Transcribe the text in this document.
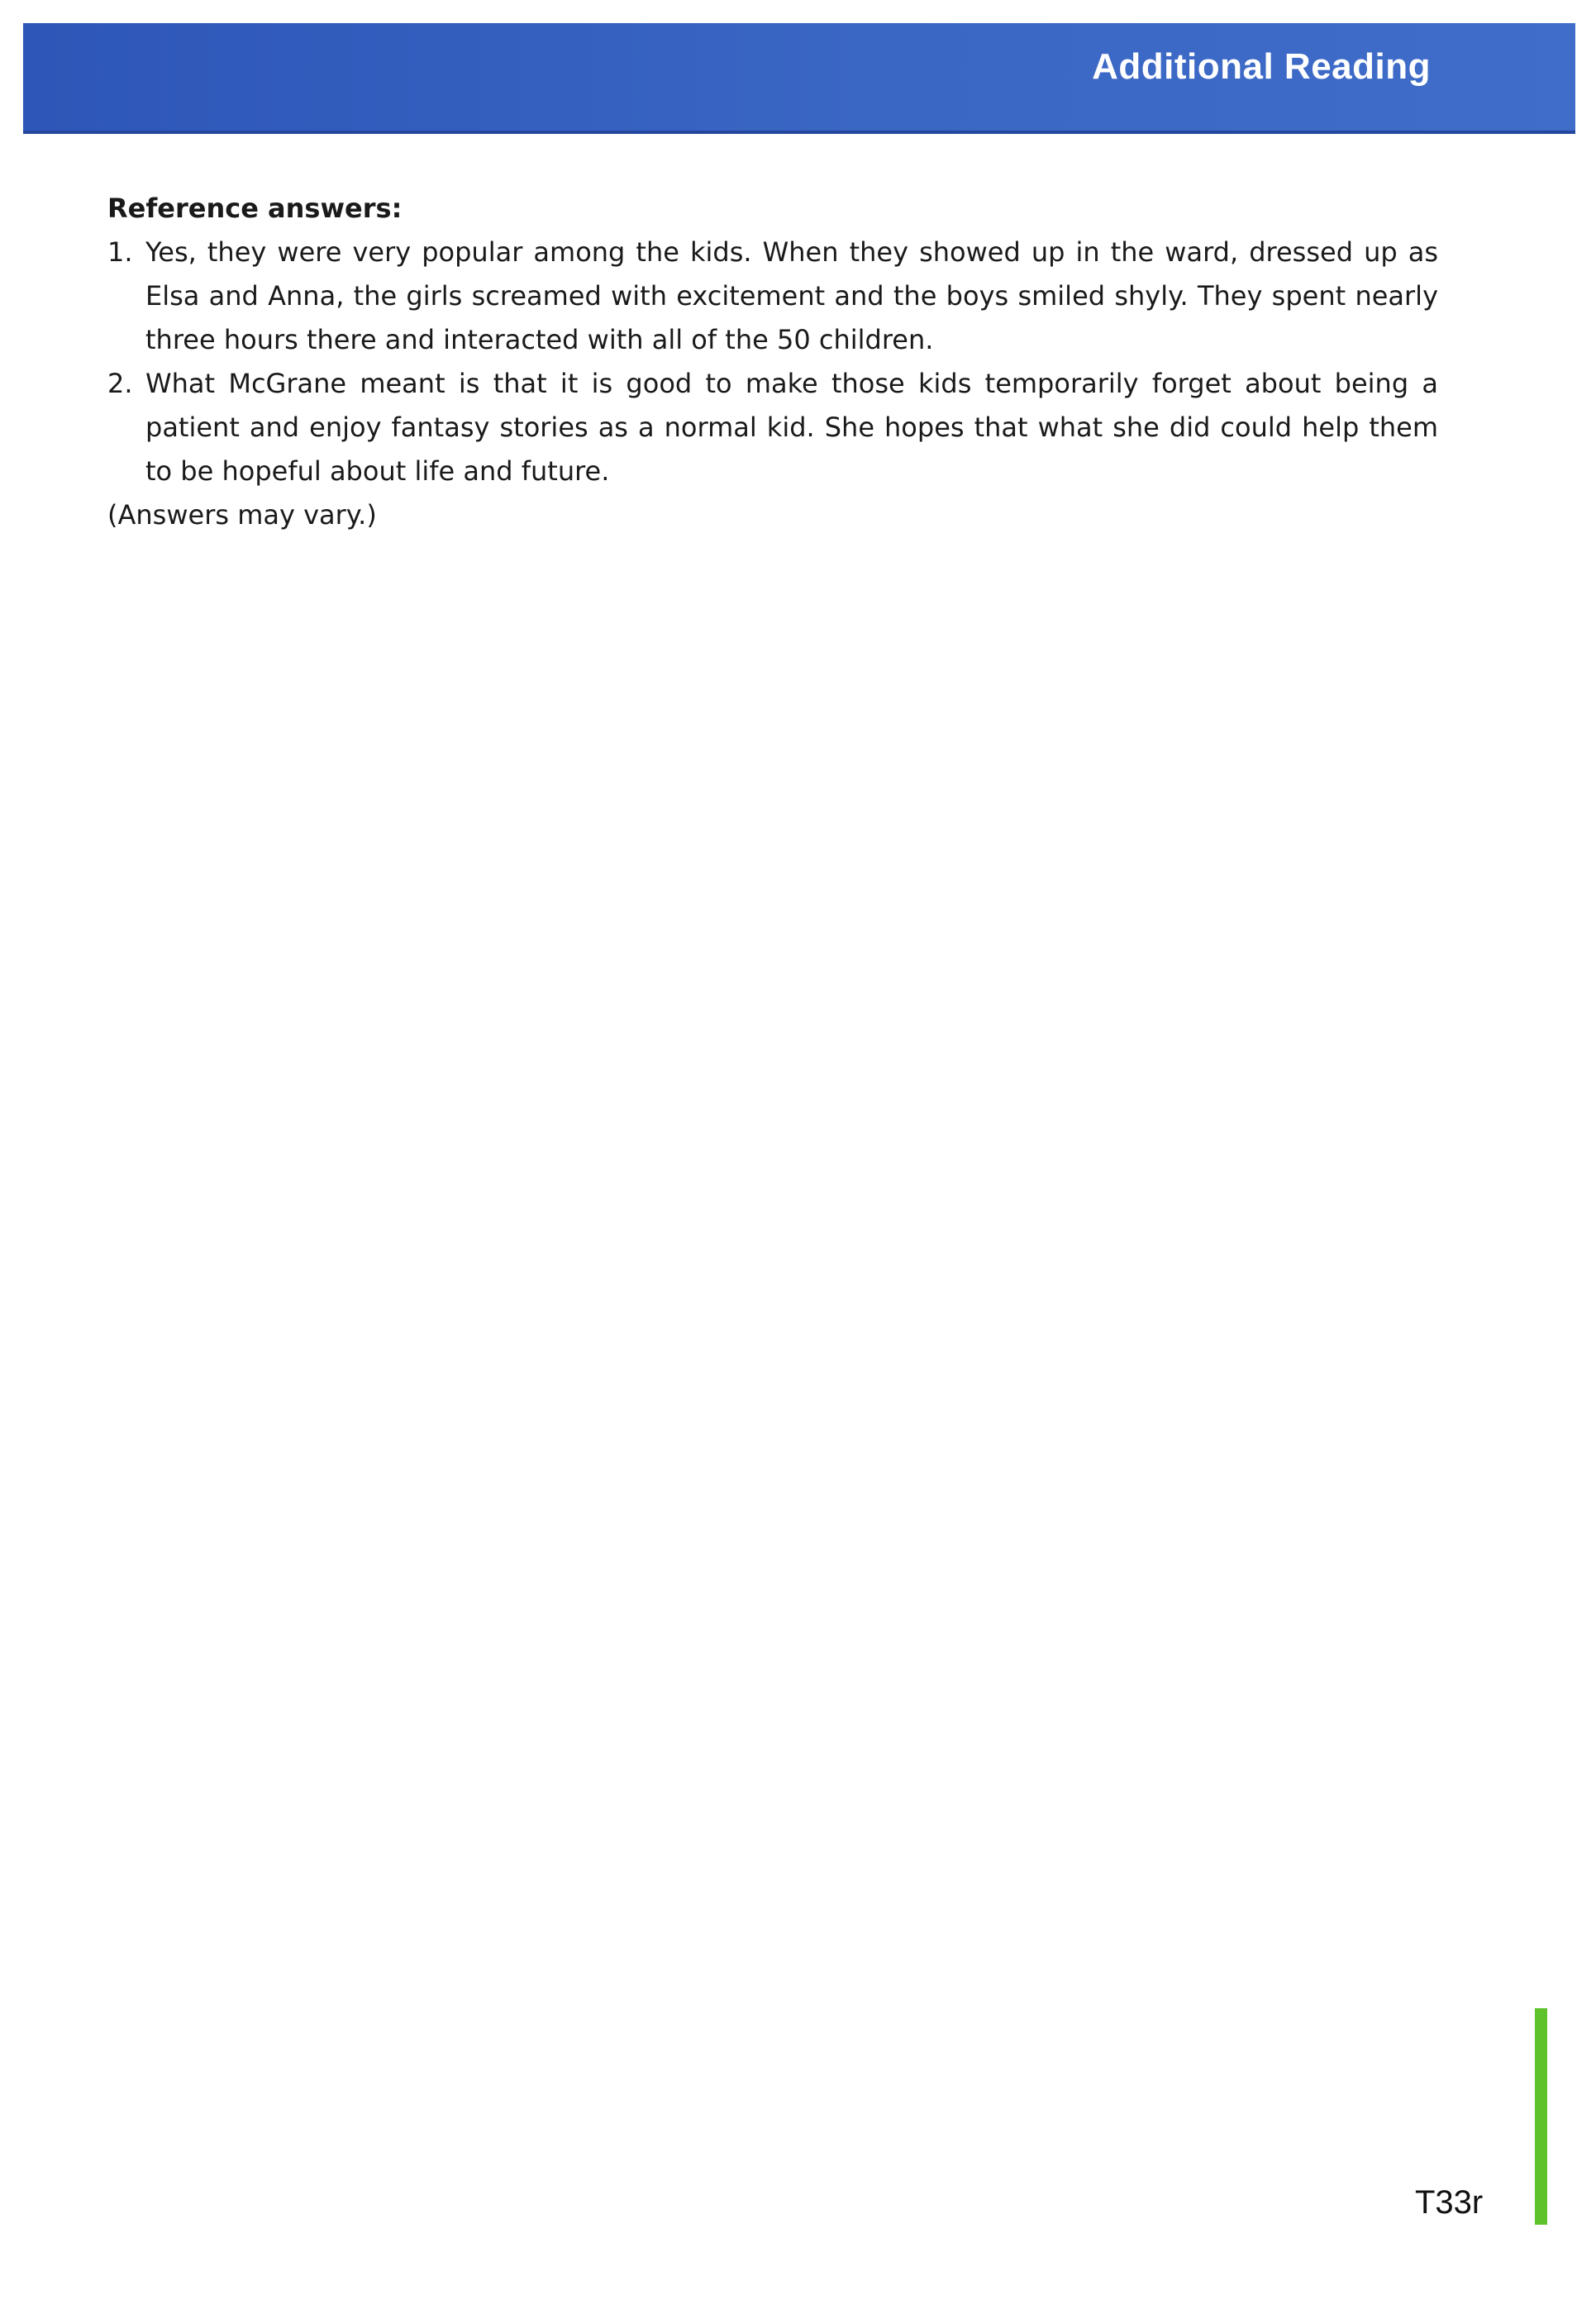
Additional Reading

Reference answers:

1. Yes, they were very popular among the kids. When they showed up in the ward, dressed up as Elsa and Anna, the girls screamed with excitement and the boys smiled shyly. They spent nearly three hours there and interacted with all of the 50 children.
2. What McGrane meant is that it is good to make those kids temporarily forget about being a patient and enjoy fantasy stories as a normal kid. She hopes that what she did could help them to be hopeful about life and future.

(Answers may vary.)

T33r
